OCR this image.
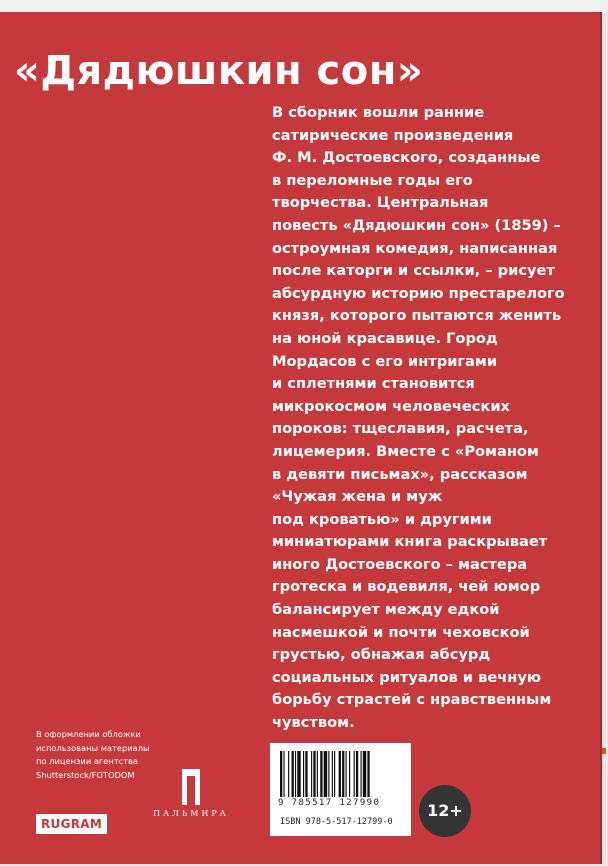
«Дядюшкин сон»
В сборник вошли ранние
сатирические произведения
Ф. М. Достоевского, созданные
в переломные годы его
творчества. Центральная
повесть «Дядюшкин сон» (1859) –
остроумная комедия, написанная
после каторги и ссылки, – рисует
абсурдную историю престарелого
князя, которого пытаются женить
на юной красавице. Город
Мордасов с его интригами
и сплетнями становится
микрокосмом человеческих
пороков: тщеславия, расчета,
лицемерия. Вместе с «Романом
в девяти письмах», рассказом
«Чужая жена и муж
под кроватью» и другими
миниатюрами книга раскрывает
иного Достоевского – мастера
гротеска и водевиля, чей юмор
балансирует между едкой
насмешкой и почти чеховской
грустью, обнажая абсурд
социальных ритуалов и вечную
борьбу страстей с нравственным
чувством.
В оформлении обложки
использованы материалы
по лицензии агентства
Shutterstock/FOTODOM
RUGRAM
ПАЛЬМИРА
9 785517 127990
ISBN 978-5-517-12799-0
12+
